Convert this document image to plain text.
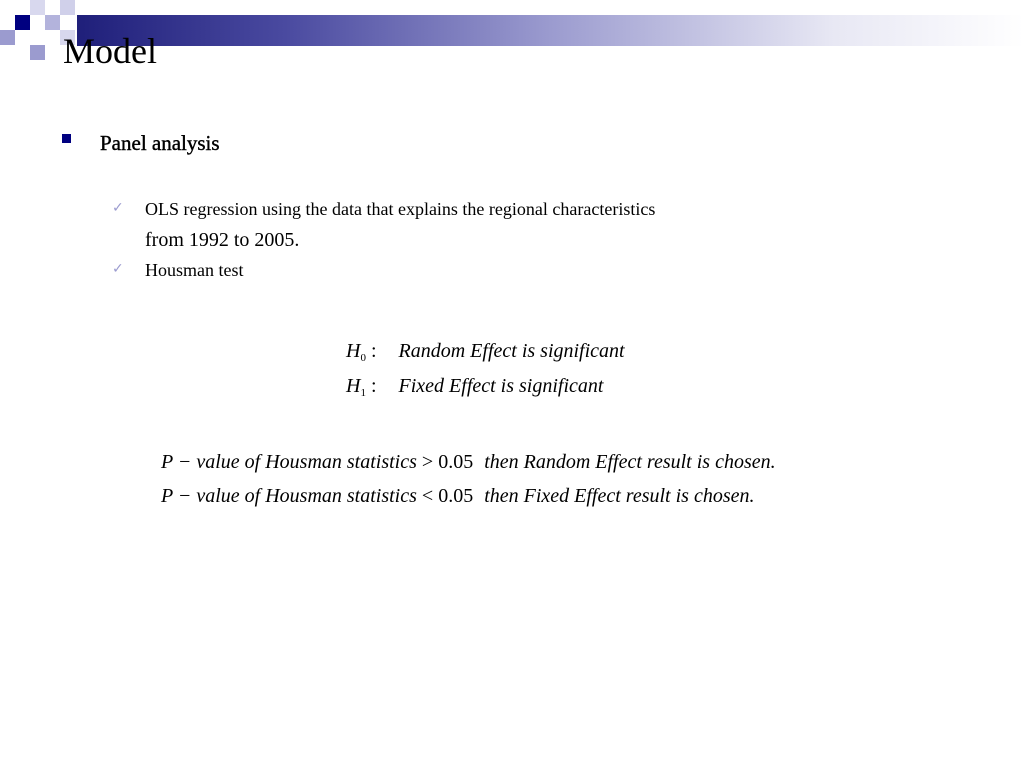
Model
Panel analysis
✓ OLS regression using the data that explains the regional characteristics
from 1992 to 2005.
✓ Housman test
$H_0$ : Random Effect is significant
$H_1$ : Fixed Effect is significant
P − value of Housman statistics > 0.05 then Random Effect result is chosen.
P − value of Housman statistics < 0.05 then Fixed Effect result is chosen.
